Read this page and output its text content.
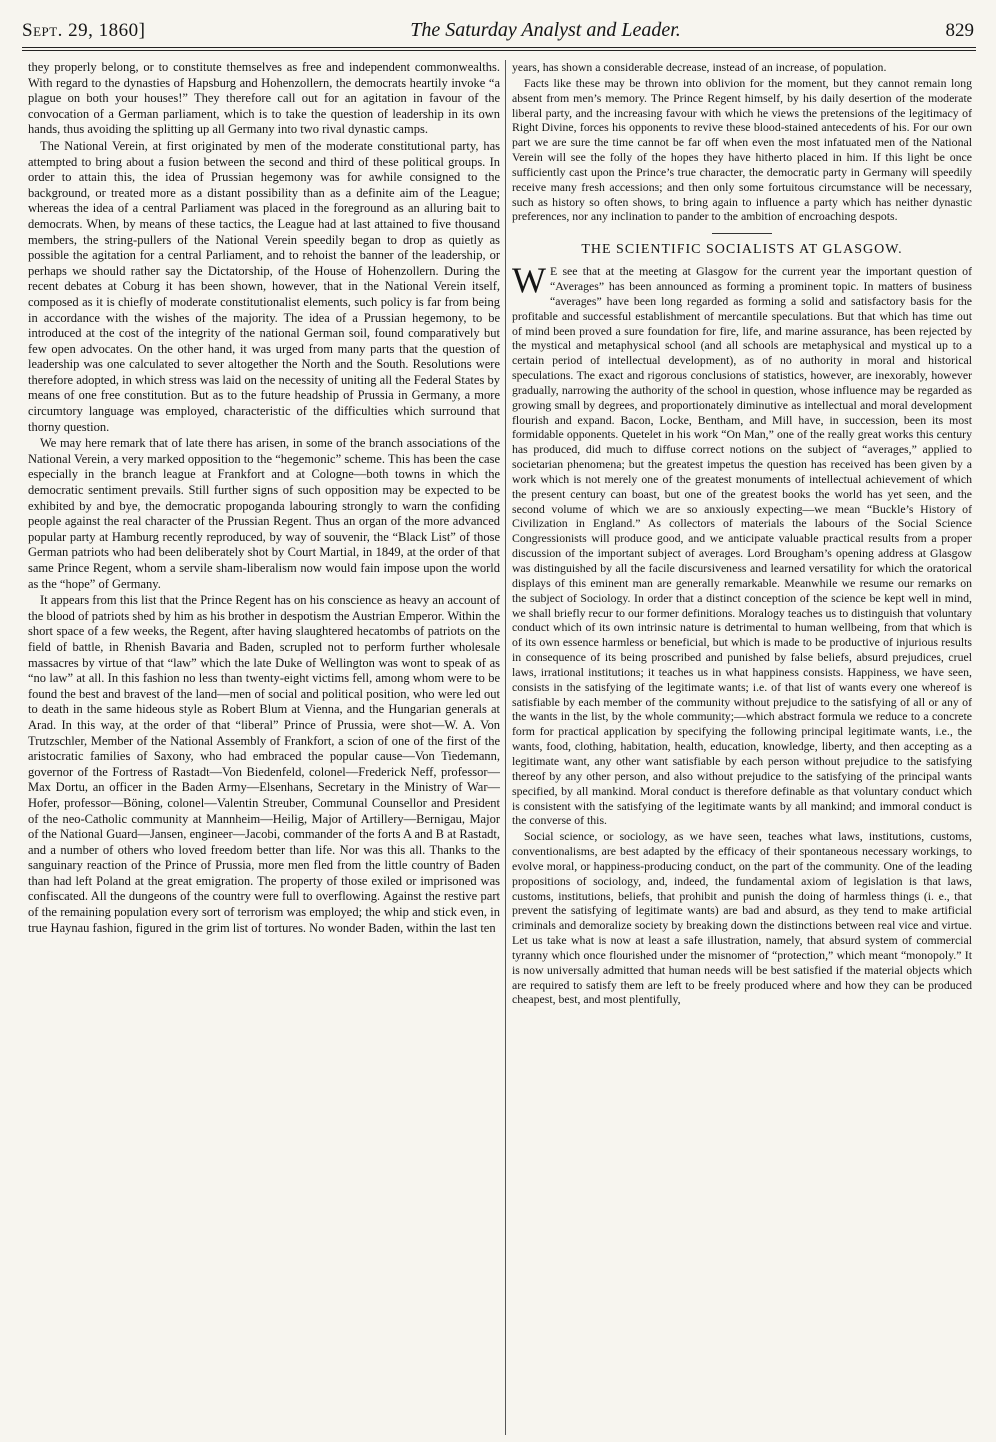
Sept. 29, 1860]	The Saturday Analyst and Leader.	829

they properly belong, or to constitute themselves as free and independent commonwealths. With regard to the dynasties of Hapsburg and Hohenzollern, the democrats heartily invoke “a plague on both your houses!” They therefore call out for an agitation in favour of the convocation of a German parliament, which is to take the question of leadership in its own hands, thus avoiding the splitting up all Germany into two rival dynastic camps.

The National Verein, at first originated by men of the moderate constitutional party, has attempted to bring about a fusion between the second and third of these political groups. In order to attain this, the idea of Prussian hegemony was for awhile consigned to the background, or treated more as a distant possibility than as a definite aim of the League; whereas the idea of a central Parliament was placed in the foreground as an alluring bait to democrats. When, by means of these tactics, the League had at last attained to five thousand members, the string-pullers of the National Verein speedily began to drop as quietly as possible the agitation for a central Parliament, and to rehoist the banner of the leadership, or perhaps we should rather say the Dictatorship, of the House of Hohenzollern. During the recent debates at Coburg it has been shown, however, that in the National Verein itself, composed as it is chiefly of moderate constitutionalist elements, such policy is far from being in accordance with the wishes of the majority. The idea of a Prussian hegemony, to be introduced at the cost of the integrity of the national German soil, found comparatively but few open advocates. On the other hand, it was urged from many parts that the question of leadership was one calculated to sever altogether the North and the South. Resolutions were therefore adopted, in which stress was laid on the necessity of uniting all the Federal States by means of one free constitution. But as to the future headship of Prussia in Germany, a more circumtory language was employed, characteristic of the difficulties which surround that thorny question.

We may here remark that of late there has arisen, in some of the branch associations of the National Verein, a very marked opposition to the “hegemonic” scheme. This has been the case especially in the branch league at Frankfort and at Cologne—both towns in which the democratic sentiment prevails. Still further signs of such opposition may be expected to be exhibited by and bye, the democratic propoganda labouring strongly to warn the confiding people against the real character of the Prussian Regent. Thus an organ of the more advanced popular party at Hamburg recently reproduced, by way of souvenir, the “Black List” of those German patriots who had been deliberately shot by Court Martial, in 1849, at the order of that same Prince Regent, whom a servile sham-liberalism now would fain impose upon the world as the “hope” of Germany.

It appears from this list that the Prince Regent has on his conscience as heavy an account of the blood of patriots shed by him as his brother in despotism the Austrian Emperor. Within the short space of a few weeks, the Regent, after having slaughtered hecatombs of patriots on the field of battle, in Rhenish Bavaria and Baden, scrupled not to perform further wholesale massacres by virtue of that “law” which the late Duke of Wellington was wont to speak of as “no law” at all. In this fashion no less than twenty-eight victims fell, among whom were to be found the best and bravest of the land—men of social and political position, who were led out to death in the same hideous style as Robert Blum at Vienna, and the Hungarian generals at Arad. In this way, at the order of that “liberal” Prince of Prussia, were shot—W. A. Von Trutzschler, Member of the National Assembly of Frankfort, a scion of one of the first of the aristocratic families of Saxony, who had embraced the popular cause—Von Tiedemann, governor of the Fortress of Rastadt—Von Biedenfeld, colonel—Frederick Neff, professor—Max Dortu, an officer in the Baden Army—Elsenhans, Secretary in the Ministry of War—Hofer, professor—Böning, colonel—Valentin Streuber, Communal Counsellor and President of the neo-Catholic community at Mannheim—Heilig, Major of Artillery—Bernigau, Major of the National Guard—Jansen, engineer—Jacobi, commander of the forts A and B at Rastadt, and a number of others who loved freedom better than life. Nor was this all. Thanks to the sanguinary reaction of the Prince of Prussia, more men fled from the little country of Baden than had left Poland at the great emigration. The property of those exiled or imprisoned was confiscated. All the dungeons of the country were full to overflowing. Against the restive part of the remaining population every sort of terrorism was employed; the whip and stick even, in true Haynau fashion, figured in the grim list of tortures. No wonder Baden, within the last ten

years, has shown a considerable decrease, instead of an increase, of population.

Facts like these may be thrown into oblivion for the moment, but they cannot remain long absent from men’s memory. The Prince Regent himself, by his daily desertion of the moderate liberal party, and the increasing favour with which he views the pretensions of the legitimacy of Right Divine, forces his opponents to revive these blood-stained antecedents of his. For our own part we are sure the time cannot be far off when even the most infatuated men of the National Verein will see the folly of the hopes they have hitherto placed in him. If this light be once sufficiently cast upon the Prince’s true character, the democratic party in Germany will speedily receive many fresh accessions; and then only some fortuitous circumstance will be necessary, such as history so often shows, to bring again to influence a party which has neither dynastic preferences, nor any inclination to pander to the ambition of encroaching despots.

THE SCIENTIFIC SOCIALISTS AT GLASGOW.

W E see that at the meeting at Glasgow for the current year the important question of “Averages” has been announced as forming a prominent topic. In matters of business “averages” have been long regarded as forming a solid and satisfactory basis for the profitable and successful establishment of mercantile speculations. But that which has time out of mind been proved a sure foundation for fire, life, and marine assurance, has been rejected by the mystical and metaphysical school (and all schools are metaphysical and mystical up to a certain period of intellectual development), as of no authority in moral and historical speculations. The exact and rigorous conclusions of statistics, however, are inexorably, however gradually, narrowing the authority of the school in question, whose influence may be regarded as growing small by degrees, and proportionately diminutive as intellectual and moral development flourish and expand. Bacon, Locke, Bentham, and Mill have, in succession, been its most formidable opponents. Quetelet in his work “On Man,” one of the really great works this century has produced, did much to diffuse correct notions on the subject of “averages,” applied to societarian phenomena; but the greatest impetus the question has received has been given by a work which is not merely one of the greatest monuments of intellectual achievement of which the present century can boast, but one of the greatest books the world has yet seen, and the second volume of which we are so anxiously expecting—we mean “Buckle’s History of Civilization in England.” As collectors of materials the labours of the Social Science Congressionists will produce good, and we anticipate valuable practical results from a proper discussion of the important subject of averages. Lord Brougham’s opening address at Glasgow was distinguished by all the facile discursiveness and learned versatility for which the oratorical displays of this eminent man are generally remarkable. Meanwhile we resume our remarks on the subject of Sociology. In order that a distinct conception of the science be kept well in mind, we shall briefly recur to our former definitions. Moralogy teaches us to distinguish that voluntary conduct which of its own intrinsic nature is detrimental to human wellbeing, from that which is of its own essence harmless or beneficial, but which is made to be productive of injurious results in consequence of its being proscribed and punished by false beliefs, absurd prejudices, cruel laws, irrational institutions; it teaches us in what happiness consists. Happiness, we have seen, consists in the satisfying of the legitimate wants; i.e. of that list of wants every one whereof is satisfiable by each member of the community without prejudice to the satisfying of all or any of the wants in the list, by the whole community;—which abstract formula we reduce to a concrete form for practical application by specifying the following principal legitimate wants, i.e., the wants, food, clothing, habitation, health, education, knowledge, liberty, and then accepting as a legitimate want, any other want satisfiable by each person without prejudice to the satisfying thereof by any other person, and also without prejudice to the satisfying of the principal wants specified, by all mankind. Moral conduct is therefore definable as that voluntary conduct which is consistent with the satisfying of the legitimate wants by all mankind; and immoral conduct is the converse of this.

Social science, or sociology, as we have seen, teaches what laws, institutions, customs, conventionalisms, are best adapted by the efficacy of their spontaneous necessary workings, to evolve moral, or happiness-producing conduct, on the part of the community. One of the leading propositions of sociology, and, indeed, the fundamental axiom of legislation is that laws, customs, institutions, beliefs, that prohibit and punish the doing of harmless things (i. e., that prevent the satisfying of legitimate wants) are bad and absurd, as they tend to make artificial criminals and demoralize society by breaking down the distinctions between real vice and virtue. Let us take what is now at least a safe illustration, namely, that absurd system of commercial tyranny which once flourished under the misnomer of “protection,” which meant “monopoly.” It is now universally admitted that human needs will be best satisfied if the material objects which are required to satisfy them are left to be freely produced where and how they can be produced cheapest, best, and most plentifully,
